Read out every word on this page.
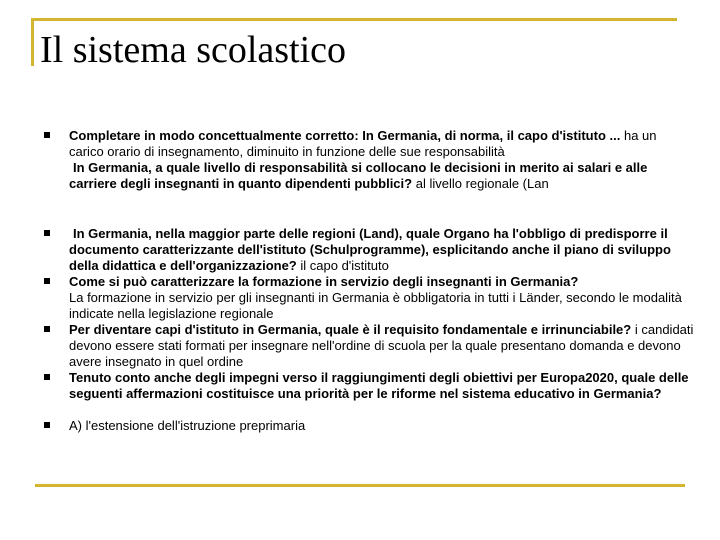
Il sistema scolastico
Completare in modo concettualmente corretto: In Germania, di norma, il capo d'istituto ... ha un carico orario di insegnamento, diminuito in funzione delle sue responsabilità
In Germania, a quale livello di responsabilità si collocano le decisioni in merito ai salari e alle carriere degli insegnanti in quanto dipendenti pubblici? al livello regionale (Lan
In Germania, nella maggior parte delle regioni (Land), quale Organo ha l'obbligo di predisporre il documento caratterizzante dell'istituto (Schulprogramme), esplicitando anche il piano di sviluppo della didattica e dell'organizzazione? il capo d'istituto
Come si può caratterizzare la formazione in servizio degli insegnanti in Germania?
La formazione in servizio per gli insegnanti in Germania è obbligatoria in tutti i Länder, secondo le modalità indicate nella legislazione regionale
Per diventare capi d'istituto in Germania, quale è il requisito fondamentale e irrinunciabile? i candidati devono essere stati formati per insegnare nell'ordine di scuola per la quale presentano domanda e devono avere insegnato in quel ordine
Tenuto conto anche degli impegni verso il raggiungimenti degli obiettivi per Europa2020, quale delle seguenti affermazioni costituisce una priorità per le riforme nel sistema educativo in Germania?
A) l'estensione dell'istruzione preprimaria
